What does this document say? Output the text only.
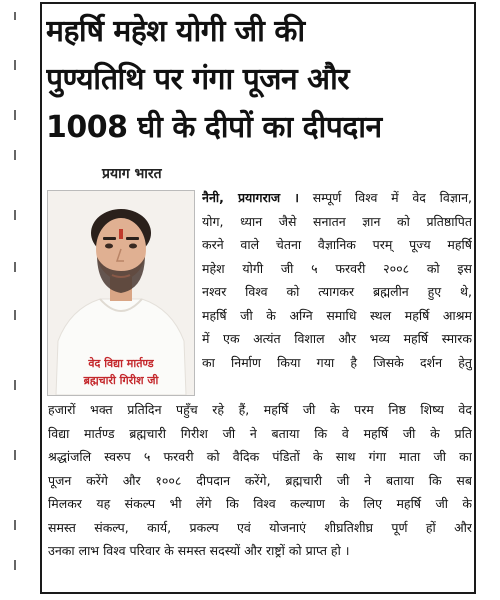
महर्षि महेश योगी जी की
पुण्यतिथि पर गंगा पूजन और
1008 घी के दीपों का दीपदान
प्रयाग भारत
वेद विद्या मार्तण्ड
ब्रह्मचारी गिरीश जी
नैनी, प्रयागराज । सम्पूर्ण विश्व में वेद विज्ञान,
योग, ध्यान जैसे सनातन ज्ञान को प्रतिष्ठापित
करने वाले चेतना वैज्ञानिक परम् पूज्य महर्षि
महेश योगी जी ५ फरवरी २००८ को इस
नश्वर विश्व को त्यागकर ब्रह्मलीन हुए थे,
महर्षि जी के अग्नि समाधि स्थल महर्षि आश्रम
में एक अत्यंत विशाल और भव्य महर्षि स्मारक
का निर्माण किया गया है जिसके दर्शन हेतु
हजारों भक्त प्रतिदिन पहुँच रहे हैं, महर्षि जी के परम निष्ठ शिष्य वेद
विद्या मार्तण्ड ब्रह्मचारी गिरीश जी ने बताया कि वे महर्षि जी के प्रति
श्रद्धांजलि स्वरुप ५ फरवरी को वैदिक पंडितों के साथ गंगा माता जी का
पूजन करेंगे और १००८ दीपदान करेंगे, ब्रह्मचारी जी ने बताया कि सब
मिलकर यह संकल्प भी लेंगे कि विश्व कल्याण के लिए महर्षि जी के
समस्त संकल्प, कार्य, प्रकल्प एवं योजनाएं शीघ्रतिशीघ्र पूर्ण हों और
उनका लाभ विश्व परिवार के समस्त सदस्यों और राष्ट्रों को प्राप्त हो ।
